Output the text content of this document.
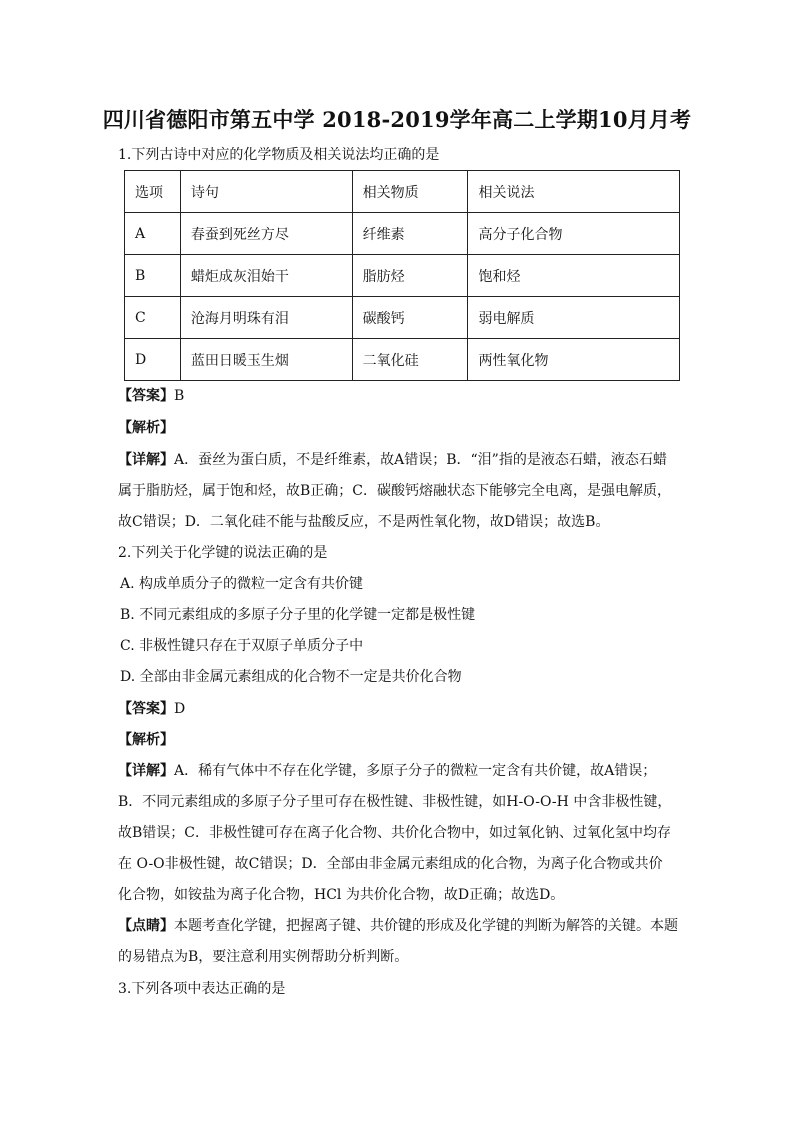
四川省德阳市第五中学 2018-2019学年高二上学期10月月考
1.下列古诗中对应的化学物质及相关说法均正确的是
选项	诗句	相关物质	相关说法
A	春蚕到死丝方尽	纤维素	高分子化合物
B	蜡炬成灰泪始干	脂肪烃	饱和烃
C	沧海月明珠有泪	碳酸钙	弱电解质
D	蓝田日暖玉生烟	二氧化硅	两性氧化物
【答案】B
【解析】
【详解】A．蚕丝为蛋白质，不是纤维素，故A错误；B．“泪”指的是液态石蜡，液态石蜡
属于脂肪烃，属于饱和烃，故B正确；C．碳酸钙熔融状态下能够完全电离，是强电解质，
故C错误；D．二氧化硅不能与盐酸反应，不是两性氧化物，故D错误；故选B。
2.下列关于化学键的说法正确的是
A. 构成单质分子的微粒一定含有共价键
B. 不同元素组成的多原子分子里的化学键一定都是极性键
C. 非极性键只存在于双原子单质分子中
D. 全部由非金属元素组成的化合物不一定是共价化合物
【答案】D
【解析】
【详解】A．稀有气体中不存在化学键，多原子分子的微粒一定含有共价键，故A错误；
B．不同元素组成的多原子分子里可存在极性键、非极性键，如H-O-O-H 中含非极性键，
故B错误；C．非极性键可存在离子化合物、共价化合物中，如过氧化钠、过氧化氢中均存
在 O-O非极性键，故C错误；D．全部由非金属元素组成的化合物，为离子化合物或共价
化合物，如铵盐为离子化合物，HCl 为共价化合物，故D正确；故选D。
【点睛】本题考查化学键，把握离子键、共价键的形成及化学键的判断为解答的关键。本题
的易错点为B，要注意利用实例帮助分析判断。
3.下列各项中表达正确的是
